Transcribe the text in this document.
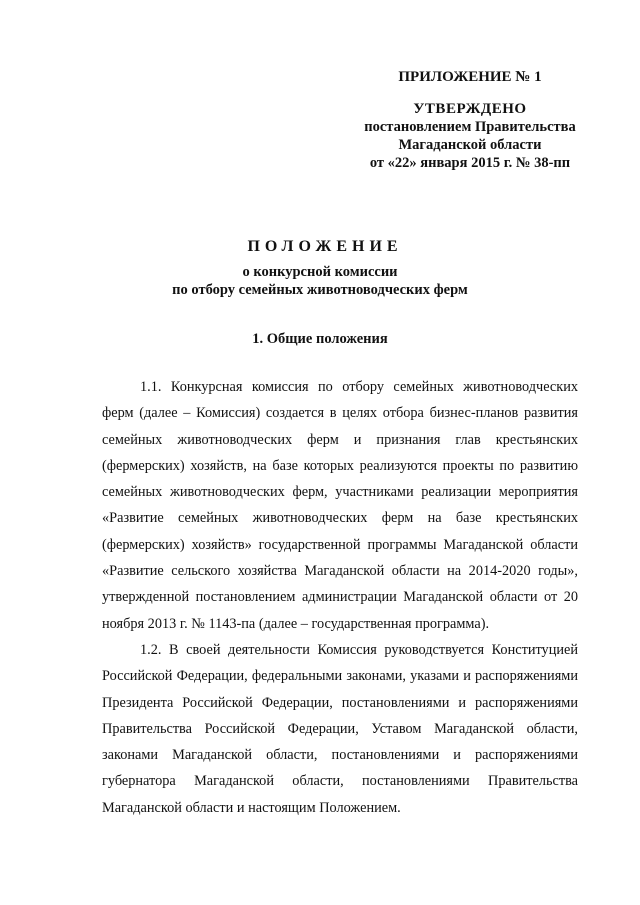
ПРИЛОЖЕНИЕ № 1
УТВЕРЖДЕНО
постановлением Правительства
Магаданской области
от «22» января 2015 г. № 38-пп
ПОЛОЖЕНИЕ
о конкурсной комиссии
по отбору семейных животноводческих ферм
1. Общие положения

1.1. Конкурсная комиссия по отбору семейных животноводческих ферм (далее – Комиссия) создается в целях отбора бизнес-планов развития семейных животноводческих ферм и признания глав крестьянских (фермерских) хозяйств, на базе которых реализуются проекты по развитию семейных животноводческих ферм, участниками реализации мероприятия «Развитие семейных животноводческих ферм на базе крестьянских (фермерских) хозяйств» государственной программы Магаданской области «Развитие сельского хозяйства Магаданской области на 2014-2020 годы», утвержденной постановлением администрации Магаданской области от 20 ноября 2013 г. № 1143-па (далее – государственная программа).

1.2. В своей деятельности Комиссия руководствуется Конституцией Российской Федерации, федеральными законами, указами и распоряжениями Президента Российской Федерации, постановлениями и распоряжениями Правительства Российской Федерации, Уставом Магаданской области, законами Магаданской области, постановлениями и распоряжениями губернатора Магаданской области, постановлениями Правительства Магаданской области и настоящим Положением.
